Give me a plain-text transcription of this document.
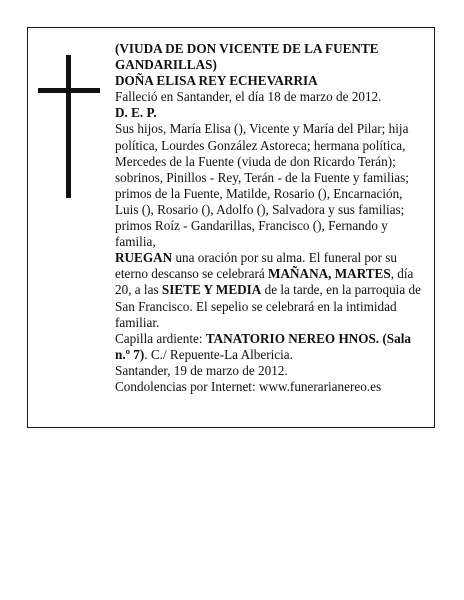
(VIUDA DE DON VICENTE DE LA FUENTE GANDARILLAS)

DOÑA ELISA REY ECHEVARRIA

Falleció en Santander, el día 18 de marzo de 2012.

D. E. P.

Sus hijos, María Elisa (), Vicente y María del Pilar; hija política, Lourdes González Astoreca; hermana política, Mercedes de la Fuente (viuda de don Ricardo Terán); sobrinos, Pinillos - Rey, Terán - de la Fuente y familias; primos de la Fuente, Matilde, Rosario (), Encarnación, Luis (), Rosario (), Adolfo (), Salvadora y sus familias; primos Roíz - Gandarillas, Francisco (), Fernando y familia,

RUEGAN una oración por su alma. El funeral por su eterno descanso se celebrará MAÑANA, MARTES, día 20, a las SIETE Y MEDIA de la tarde, en la parroquia de San Francisco. El sepelio se celebrará en la intimidad familiar.

Capilla ardiente: TANATORIO NEREO HNOS. (Sala n.º 7). C./ Repuente-La Albericia.

Santander, 19 de marzo de 2012.

Condolencias por Internet: www.funerarianereo.es
